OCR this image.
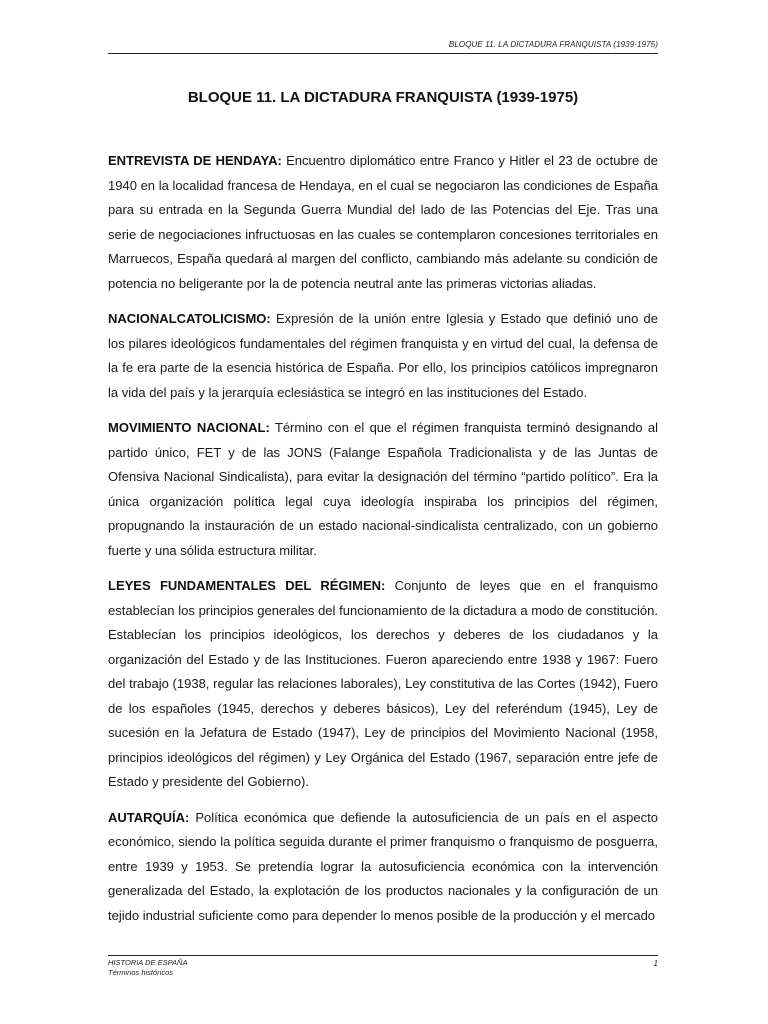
BLOQUE 11. LA DICTADURA FRANQUISTA (1939-1975)
BLOQUE 11. LA DICTADURA FRANQUISTA (1939-1975)

ENTREVISTA DE HENDAYA: Encuentro diplomático entre Franco y Hitler el 23 de octubre de 1940 en la localidad francesa de Hendaya, en el cual se negociaron las condiciones de España para su entrada en la Segunda Guerra Mundial del lado de las Potencias del Eje. Tras una serie de negociaciones infructuosas en las cuales se contemplaron concesiones territoriales en Marruecos, España quedará al margen del conflicto, cambiando más adelante su condición de potencia no beligerante por la de potencia neutral ante las primeras victorias aliadas.

NACIONALCATOLICISMO: Expresión de la unión entre Iglesia y Estado que definió uno de los pilares ideológicos fundamentales del régimen franquista y en virtud del cual, la defensa de la fe era parte de la esencia histórica de España. Por ello, los principios católicos impregnaron la vida del país y la jerarquía eclesiástica se integró en las instituciones del Estado.

MOVIMIENTO NACIONAL: Término con el que el régimen franquista terminó designando al partido único, FET y de las JONS (Falange Española Tradicionalista y de las Juntas de Ofensiva Nacional Sindicalista), para evitar la designación del término “partido político”. Era la única organización política legal cuya ideología inspiraba los principios del régimen, propugnando la instauración de un estado nacional-sindicalista centralizado, con un gobierno fuerte y una sólida estructura militar.

LEYES FUNDAMENTALES DEL RÉGIMEN: Conjunto de leyes que en el franquismo establecían los principios generales del funcionamiento de la dictadura a modo de constitución. Establecían los principios ideológicos, los derechos y deberes de los ciudadanos y la organización del Estado y de las Instituciones. Fueron apareciendo entre 1938 y 1967: Fuero del trabajo (1938, regular las relaciones laborales), Ley constitutiva de las Cortes (1942), Fuero de los españoles (1945, derechos y deberes básicos), Ley del referéndum (1945), Ley de sucesión en la Jefatura de Estado (1947), Ley de principios del Movimiento Nacional (1958, principios ideológicos del régimen) y Ley Orgánica del Estado (1967, separación entre jefe de Estado y presidente del Gobierno).

AUTARQUÍA: Política económica que defiende la autosuficiencia de un país en el aspecto económico, siendo la política seguida durante el primer franquismo o franquismo de posguerra, entre 1939 y 1953. Se pretendía lograr la autosuficiencia económica con la intervención generalizada del Estado, la explotación de los productos nacionales y la configuración de un tejido industrial suficiente como para depender lo menos posible de la producción y el mercado

HISTORIA DE ESPAÑA
Términos históricos
1
